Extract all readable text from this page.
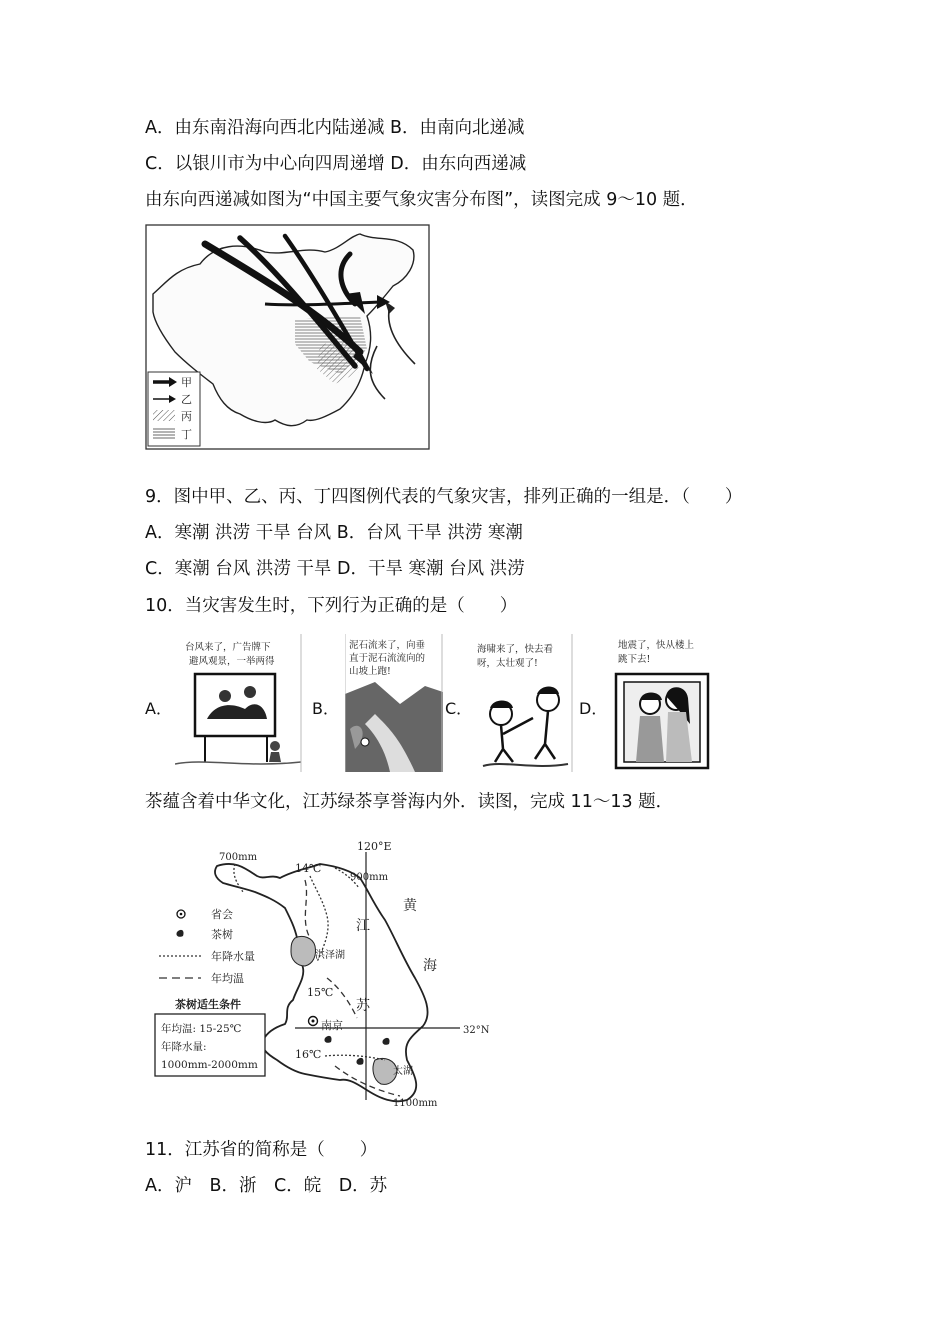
A．由东南沿海向西北内陆递减 B．由南向北递减
C．以银川市为中心向四周递增 D．由东向西递减
由东向西递减如图为“中国主要气象灾害分布图”，读图完成 9～10 题．
甲
乙
丙
丁
9．图中甲、乙、丙、丁四图例代表的气象灾害，排列正确的一组是．（　　）
A．寒潮 洪涝 干旱 台风 B．台风 干旱 洪涝 寒潮
C．寒潮 台风 洪涝 干旱 D．干旱 寒潮 台风 洪涝
10．当灾害发生时，下列行为正确的是（　　）
A．
台风来了，广告牌下
避风观景，一举两得
B．
泥石流来了，向垂
直于泥石流流向的
山坡上跑!
C．
海啸来了，快去看
呀，太壮观了!
D．
地震了，快从楼上
跳下去!
茶蕴含着中华文化，江苏绿茶享誉海内外．读图，完成 11～13 题．
700mm
14℃
120°E
900mm
黄
江
海
苏
洪泽湖
15℃
南京	32°N
16℃
太湖
1100mm
省会
茶树
年降水量
年均温
茶树适生条件
年均温: 15-25℃
年降水量:
1000mm-2000mm
11．江苏省的简称是（　　）
A．沪　B．浙　C．皖　D．苏
